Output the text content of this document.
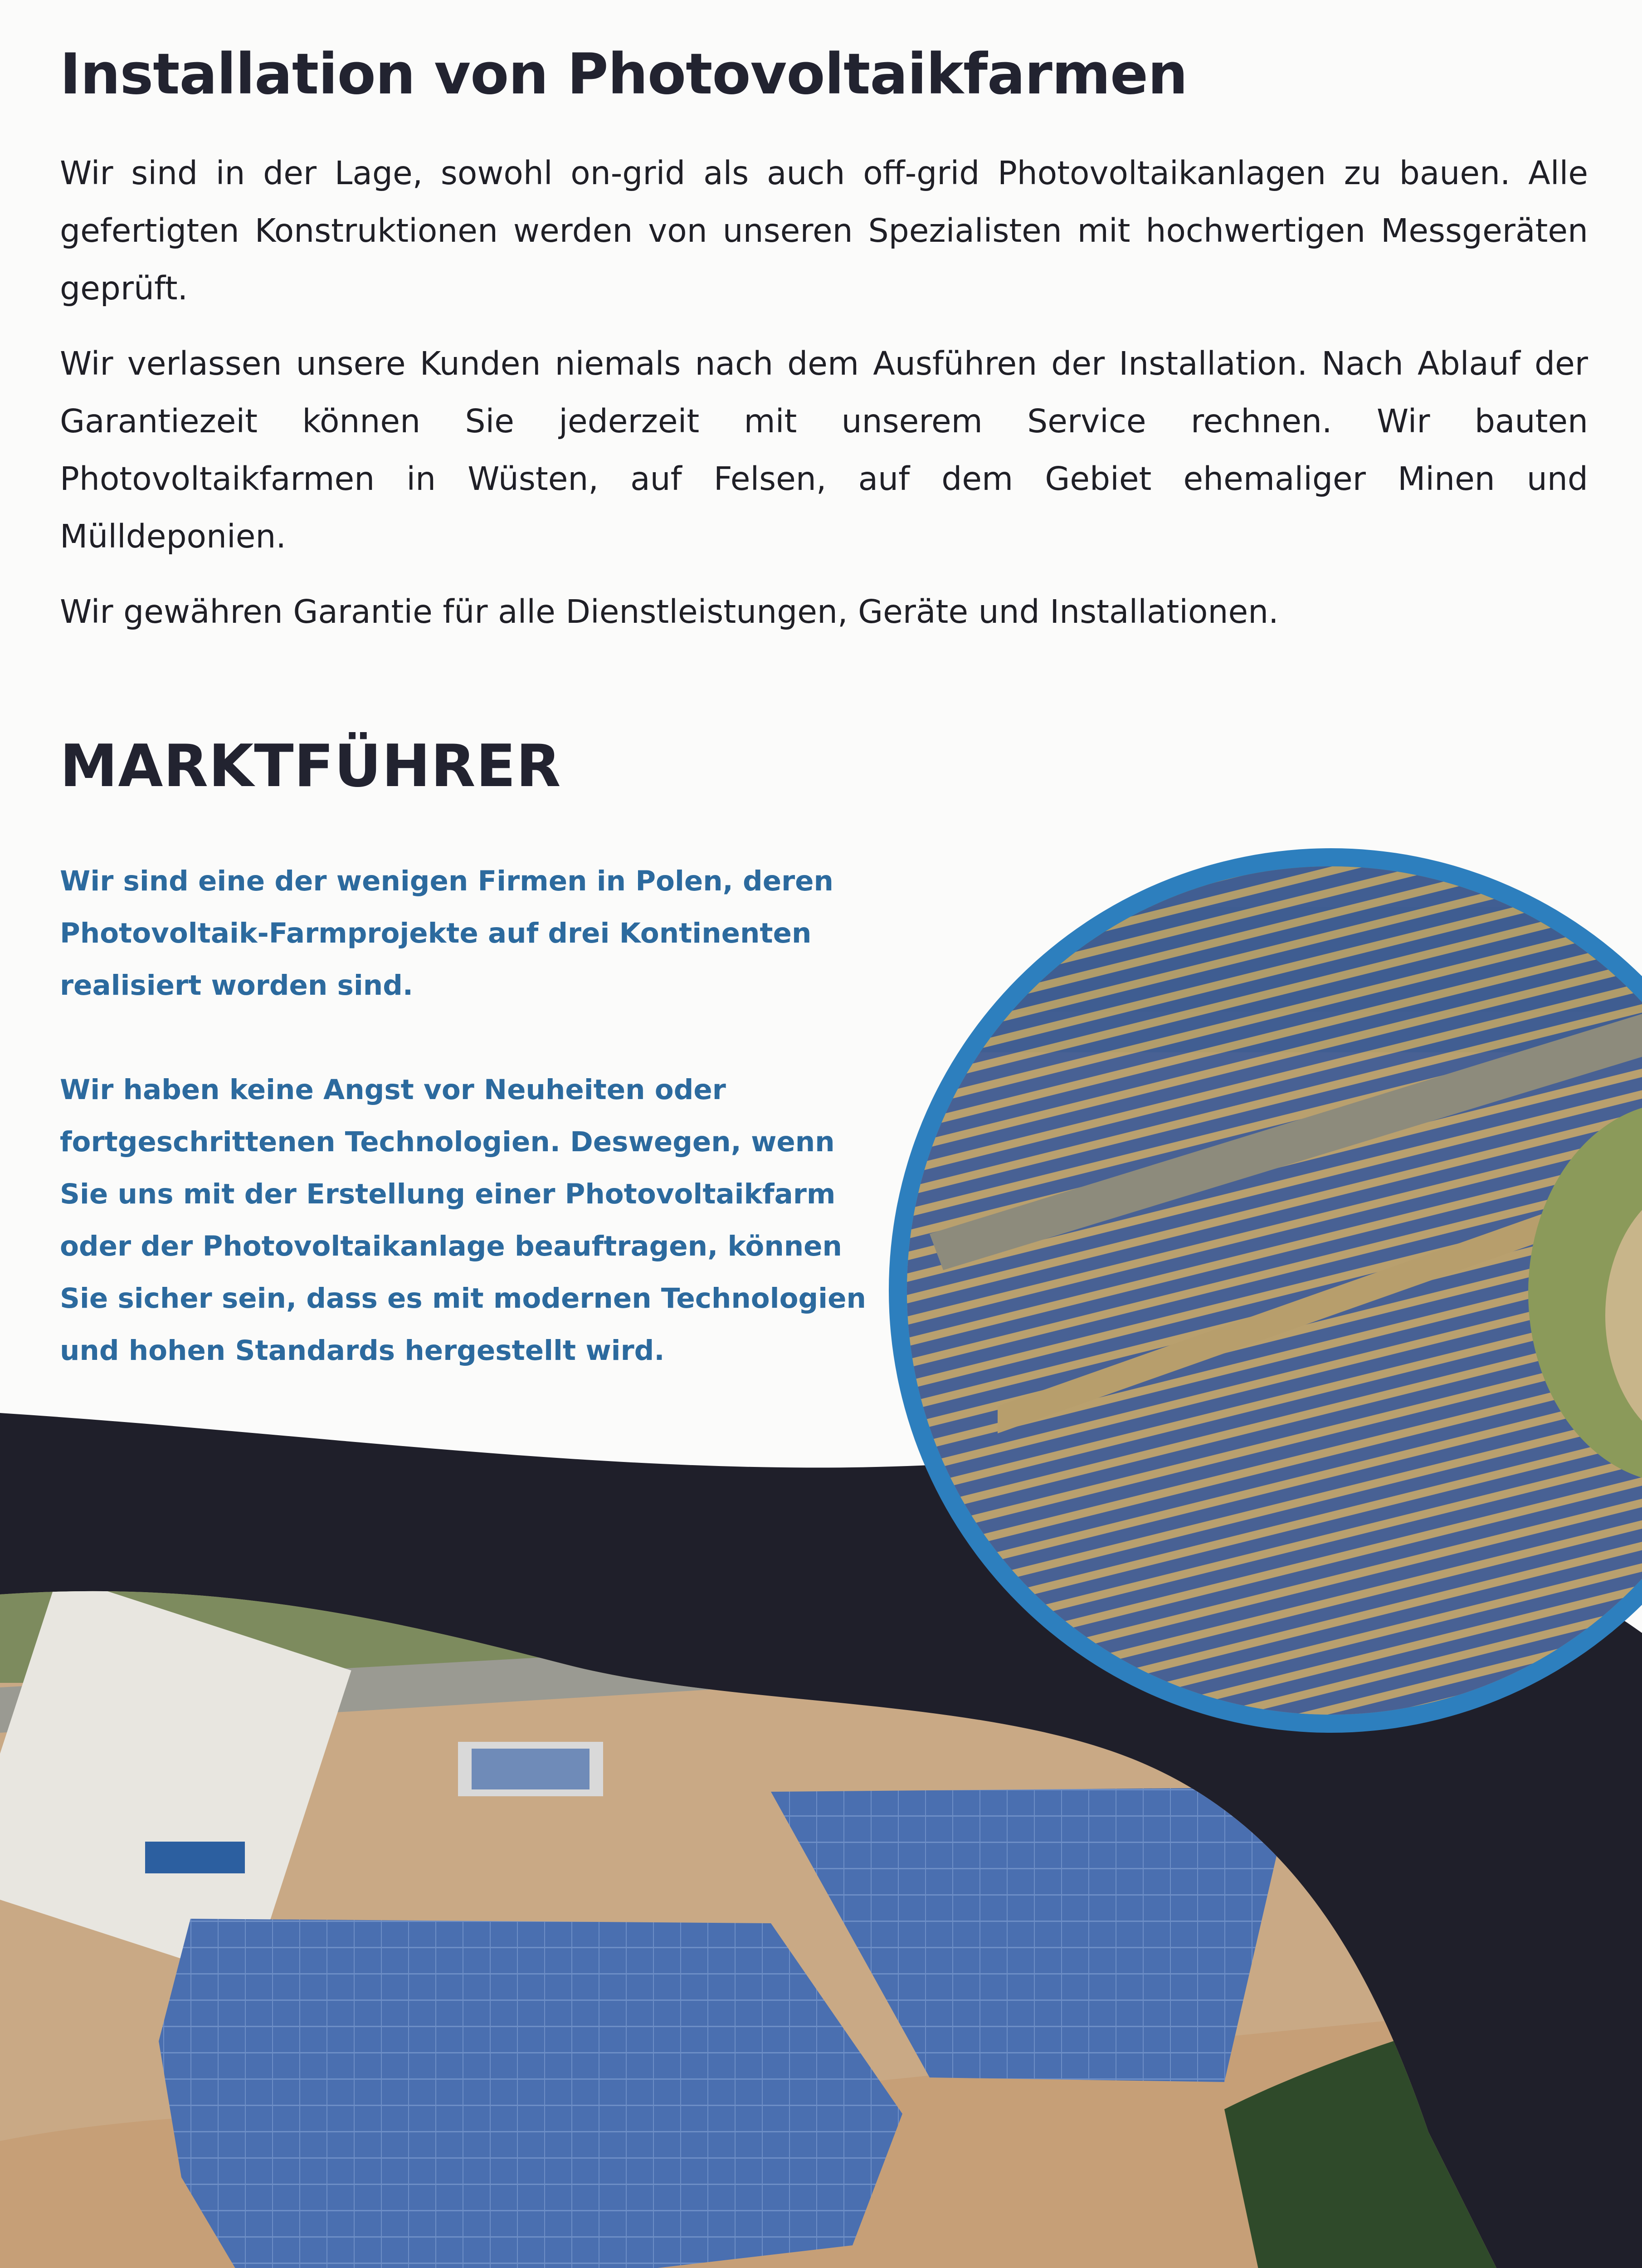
Installation von Photovoltaikfarmen

Wir sind in der Lage, sowohl on-grid als auch off-grid Photovoltaikanlagen zu bauen. Alle gefertigten Konstruktionen werden von unseren Spezialisten mit hochwertigen Messgeräten geprüft.

Wir verlassen unsere Kunden niemals nach dem Ausführen der Installation. Nach Ablauf der Garantiezeit können Sie jederzeit mit unserem Service rechnen. Wir bauten Photovoltaikfarmen in Wüsten, auf Felsen, auf dem Gebiet ehemaliger Minen und Mülldeponien.

Wir gewähren Garantie für alle Dienstleistungen, Geräte und Installationen.

MARKTFÜHRER

Wir sind eine der wenigen Firmen in Polen, deren Photovoltaik-Farmprojekte auf drei Kontinenten realisiert worden sind.

Wir haben keine Angst vor Neuheiten oder fortgeschrittenen Technologien. Deswegen, wenn Sie uns mit der Erstellung einer Photovoltaikfarm oder der Photovoltaikanlage beauftragen, können Sie sicher sein, dass es mit modernen Technologien und hohen Standards hergestellt wird.
